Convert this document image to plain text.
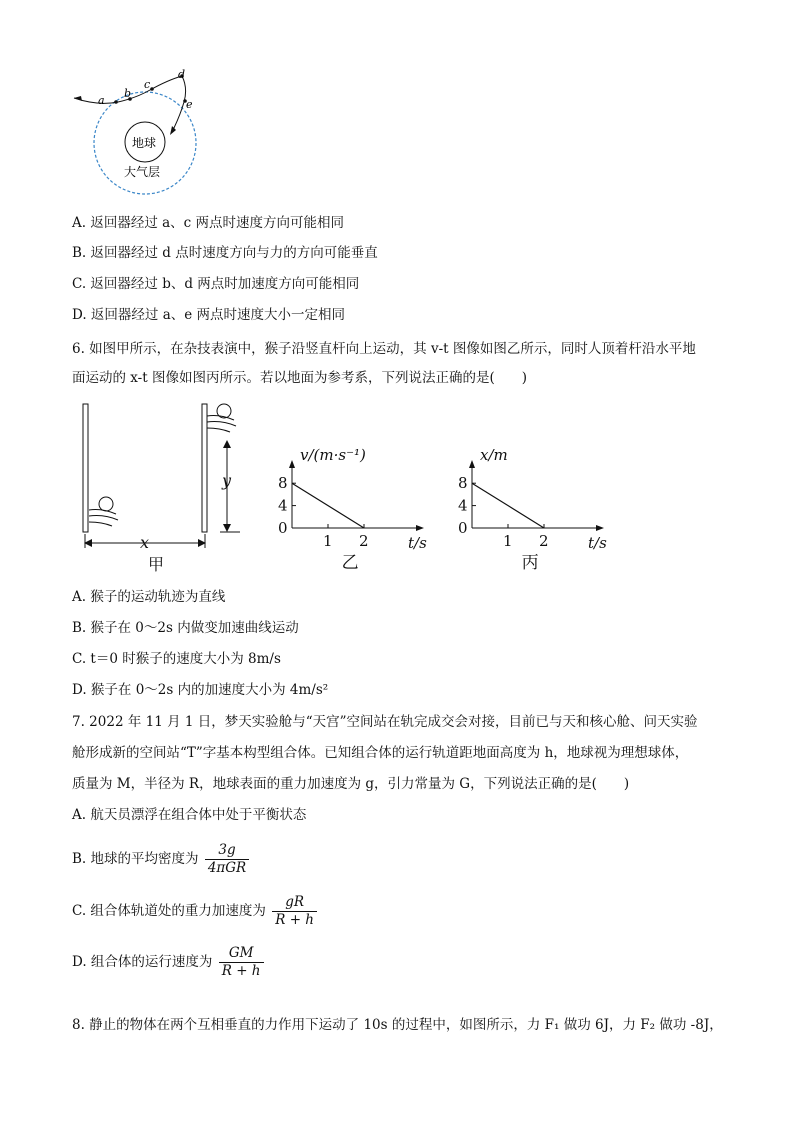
a
b
c
d
e
地球
大气层
A. 返回器经过 a、c 两点时速度方向可能相同
B. 返回器经过 d 点时速度方向与力的方向可能垂直
C. 返回器经过 b、d 两点时加速度方向可能相同
D. 返回器经过 a、e 两点时速度大小一定相同
6. 如图甲所示，在杂技表演中，猴子沿竖直杆向上运动，其 v-t 图像如图乙所示，同时人顶着杆沿水平地
面运动的 x-t 图像如图丙所示。若以地面为参考系，下列说法正确的是(　　)
y
x
甲
0
4
8
1 2
v/(m·s⁻¹)
t/s
乙
0
4
8
1 2
x/m
t/s
丙
A. 猴子的运动轨迹为直线
B. 猴子在 0～2s 内做变加速曲线运动
C. t＝0 时猴子的速度大小为 8m/s
D. 猴子在 0～2s 内的加速度大小为 4m/s²
7. 2022 年 11 月 1 日，梦天实验舱与“天宫”空间站在轨完成交会对接，目前已与天和核心舱、问天实验
舱形成新的空间站“T”字基本构型组合体。已知组合体的运行轨道距地面高度为 h，地球视为理想球体，
质量为 M，半径为 R，地球表面的重力加速度为 g，引力常量为 G，下列说法正确的是(　　)
A. 航天员漂浮在组合体中处于平衡状态
B. 地球的平均密度为 $\frac{3g}{\text{4πGR}}$
C. 组合体轨道处的重力加速度为 $\frac{gR}{R + h}$
D. 组合体的运行速度为 $\frac{GM}{R + h}$
8. 静止的物体在两个互相垂直的力作用下运动了 10s 的过程中，如图所示，力 F₁ 做功 6J，力 F₂ 做功 -8J，
